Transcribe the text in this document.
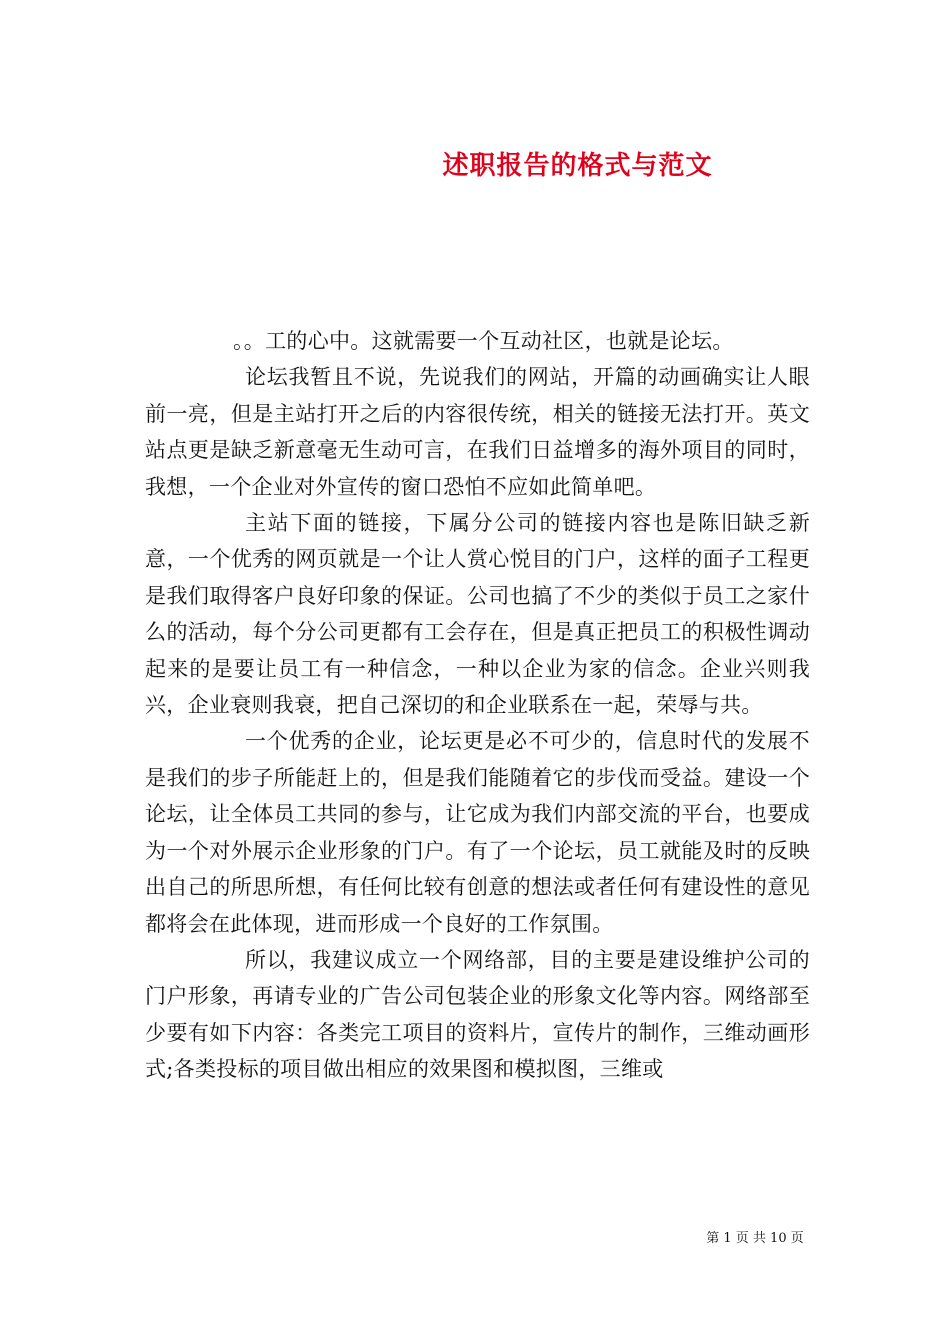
述职报告的格式与范文

。。工的心中。这就需要一个互动社区，也就是论坛。

论坛我暂且不说，先说我们的网站，开篇的动画确实让人眼前一亮，但是主站打开之后的内容很传统，相关的链接无法打开。英文站点更是缺乏新意毫无生动可言，在我们日益增多的海外项目的同时，我想，一个企业对外宣传的窗口恐怕不应如此简单吧。

主站下面的链接，下属分公司的链接内容也是陈旧缺乏新意，一个优秀的网页就是一个让人赏心悦目的门户，这样的面子工程更是我们取得客户良好印象的保证。公司也搞了不少的类似于员工之家什么的活动，每个分公司更都有工会存在，但是真正把员工的积极性调动起来的是要让员工有一种信念，一种以企业为家的信念。企业兴则我兴，企业衰则我衰，把自己深切的和企业联系在一起，荣辱与共。

一个优秀的企业，论坛更是必不可少的，信息时代的发展不是我们的步子所能赶上的，但是我们能随着它的步伐而受益。建设一个论坛，让全体员工共同的参与，让它成为我们内部交流的平台，也要成为一个对外展示企业形象的门户。有了一个论坛，员工就能及时的反映出自己的所思所想，有任何比较有创意的想法或者任何有建设性的意见都将会在此体现，进而形成一个良好的工作氛围。

所以，我建议成立一个网络部，目的主要是建设维护公司的门户形象，再请专业的广告公司包装企业的形象文化等内容。网络部至少要有如下内容：各类完工项目的资料片，宣传片的制作，三维动画形式;各类投标的项目做出相应的效果图和模拟图，三维或

第 1 页 共 10 页
